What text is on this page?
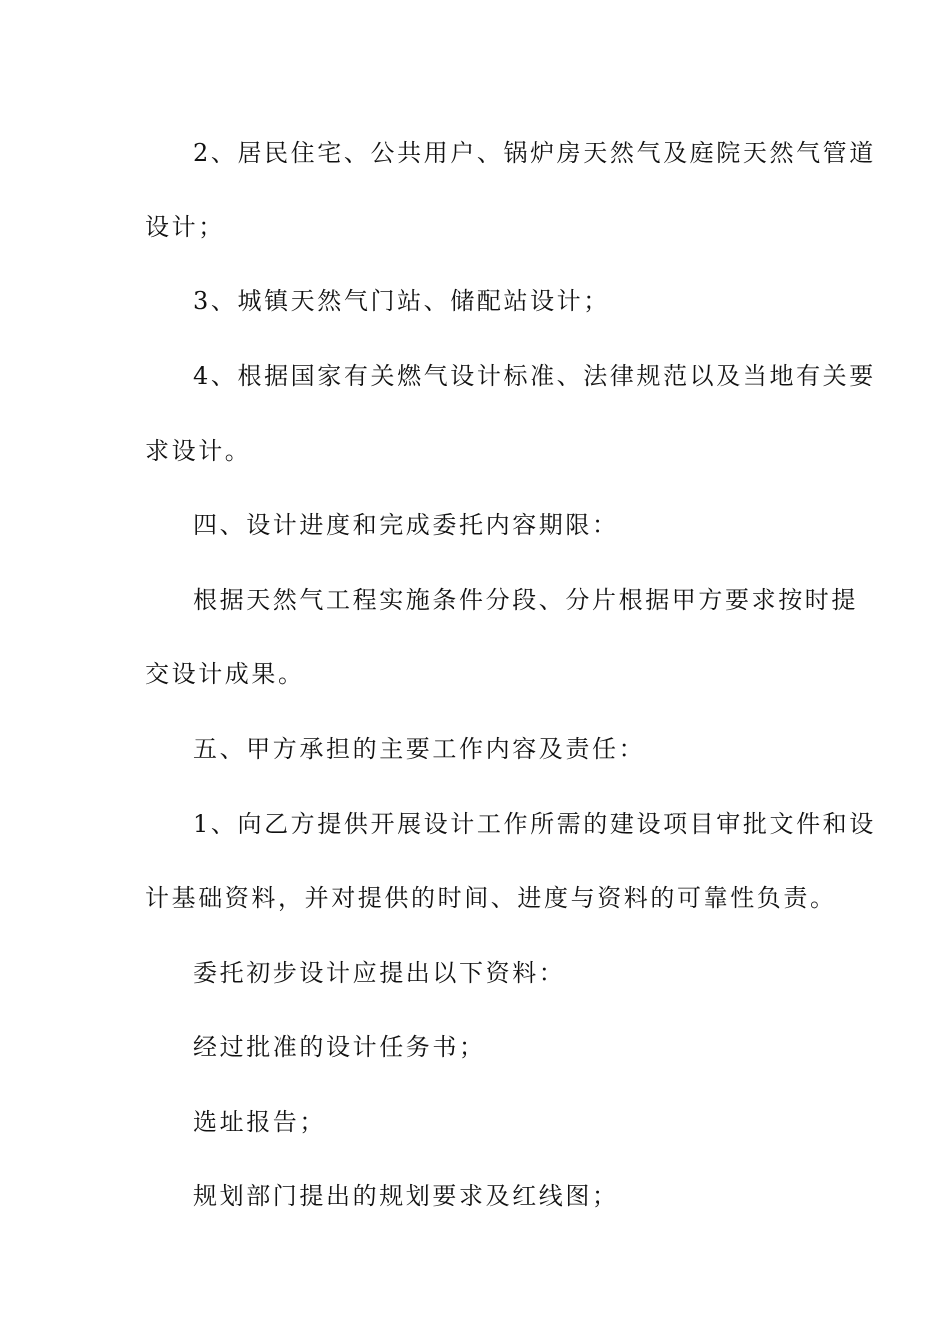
2、居民住宅、公共用户、锅炉房天然气及庭院天然气管道
设计；
3、城镇天然气门站、储配站设计；
4、根据国家有关燃气设计标准、法律规范以及当地有关要
求设计。
四、设计进度和完成委托内容期限：
根据天然气工程实施条件分段、分片根据甲方要求按时提
交设计成果。
五、甲方承担的主要工作内容及责任：
1、向乙方提供开展设计工作所需的建设项目审批文件和设
计基础资料，并对提供的时间、进度与资料的可靠性负责。
委托初步设计应提出以下资料：
经过批准的设计任务书；
选址报告；
规划部门提出的规划要求及红线图；
